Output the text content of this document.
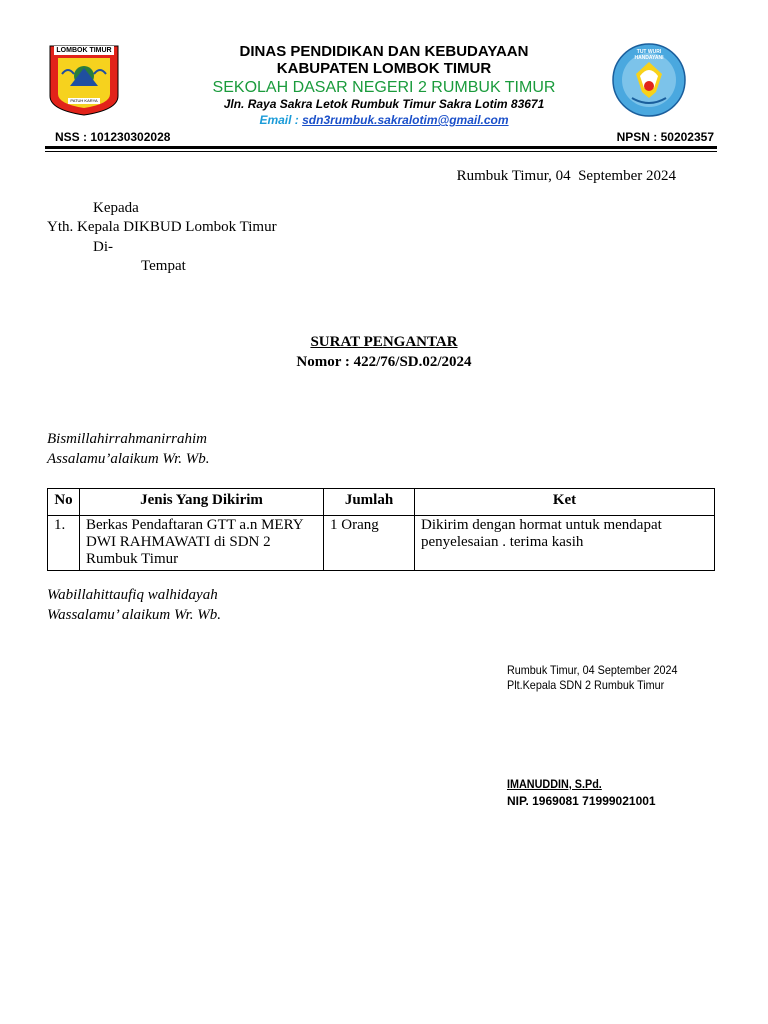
LOMBOK TIMUR
PATUH KARYA
TUT WURI HANDAYANI
DINAS PENDIDIKAN DAN KEBUDAYAAN
KABUPATEN LOMBOK TIMUR
SEKOLAH DASAR NEGERI 2 RUMBUK TIMUR
Jln. Raya Sakra Letok Rumbuk Timur Sakra Lotim 83671
Email : sdn3rumbuk.sakralotim@gmail.com
NSS : 101230302028	NPSN : 50202357
Rumbuk Timur, 04  September 2024
Kepada
Yth. Kepala DIKBUD Lombok Timur
Di-
Tempat
SURAT PENGANTAR
Nomor : 422/76/SD.02/2024
Bismillahirrahmanirrahim
Assalamu’alaikum Wr. Wb.
No	Jenis Yang Dikirim	Jumlah	Ket
1.	Berkas Pendaftaran GTT a.n MERY DWI RAHMAWATI di SDN 2 Rumbuk Timur	1 Orang	Dikirim dengan hormat untuk mendapat penyelesaian . terima kasih
Wabillahittaufiq walhidayah
Wassalamu’ alaikum Wr. Wb.
Rumbuk Timur, 04 September 2024
Plt.Kepala SDN 2 Rumbuk Timur
IMANUDDIN, S.Pd.
NIP. 1969081 71999021001
